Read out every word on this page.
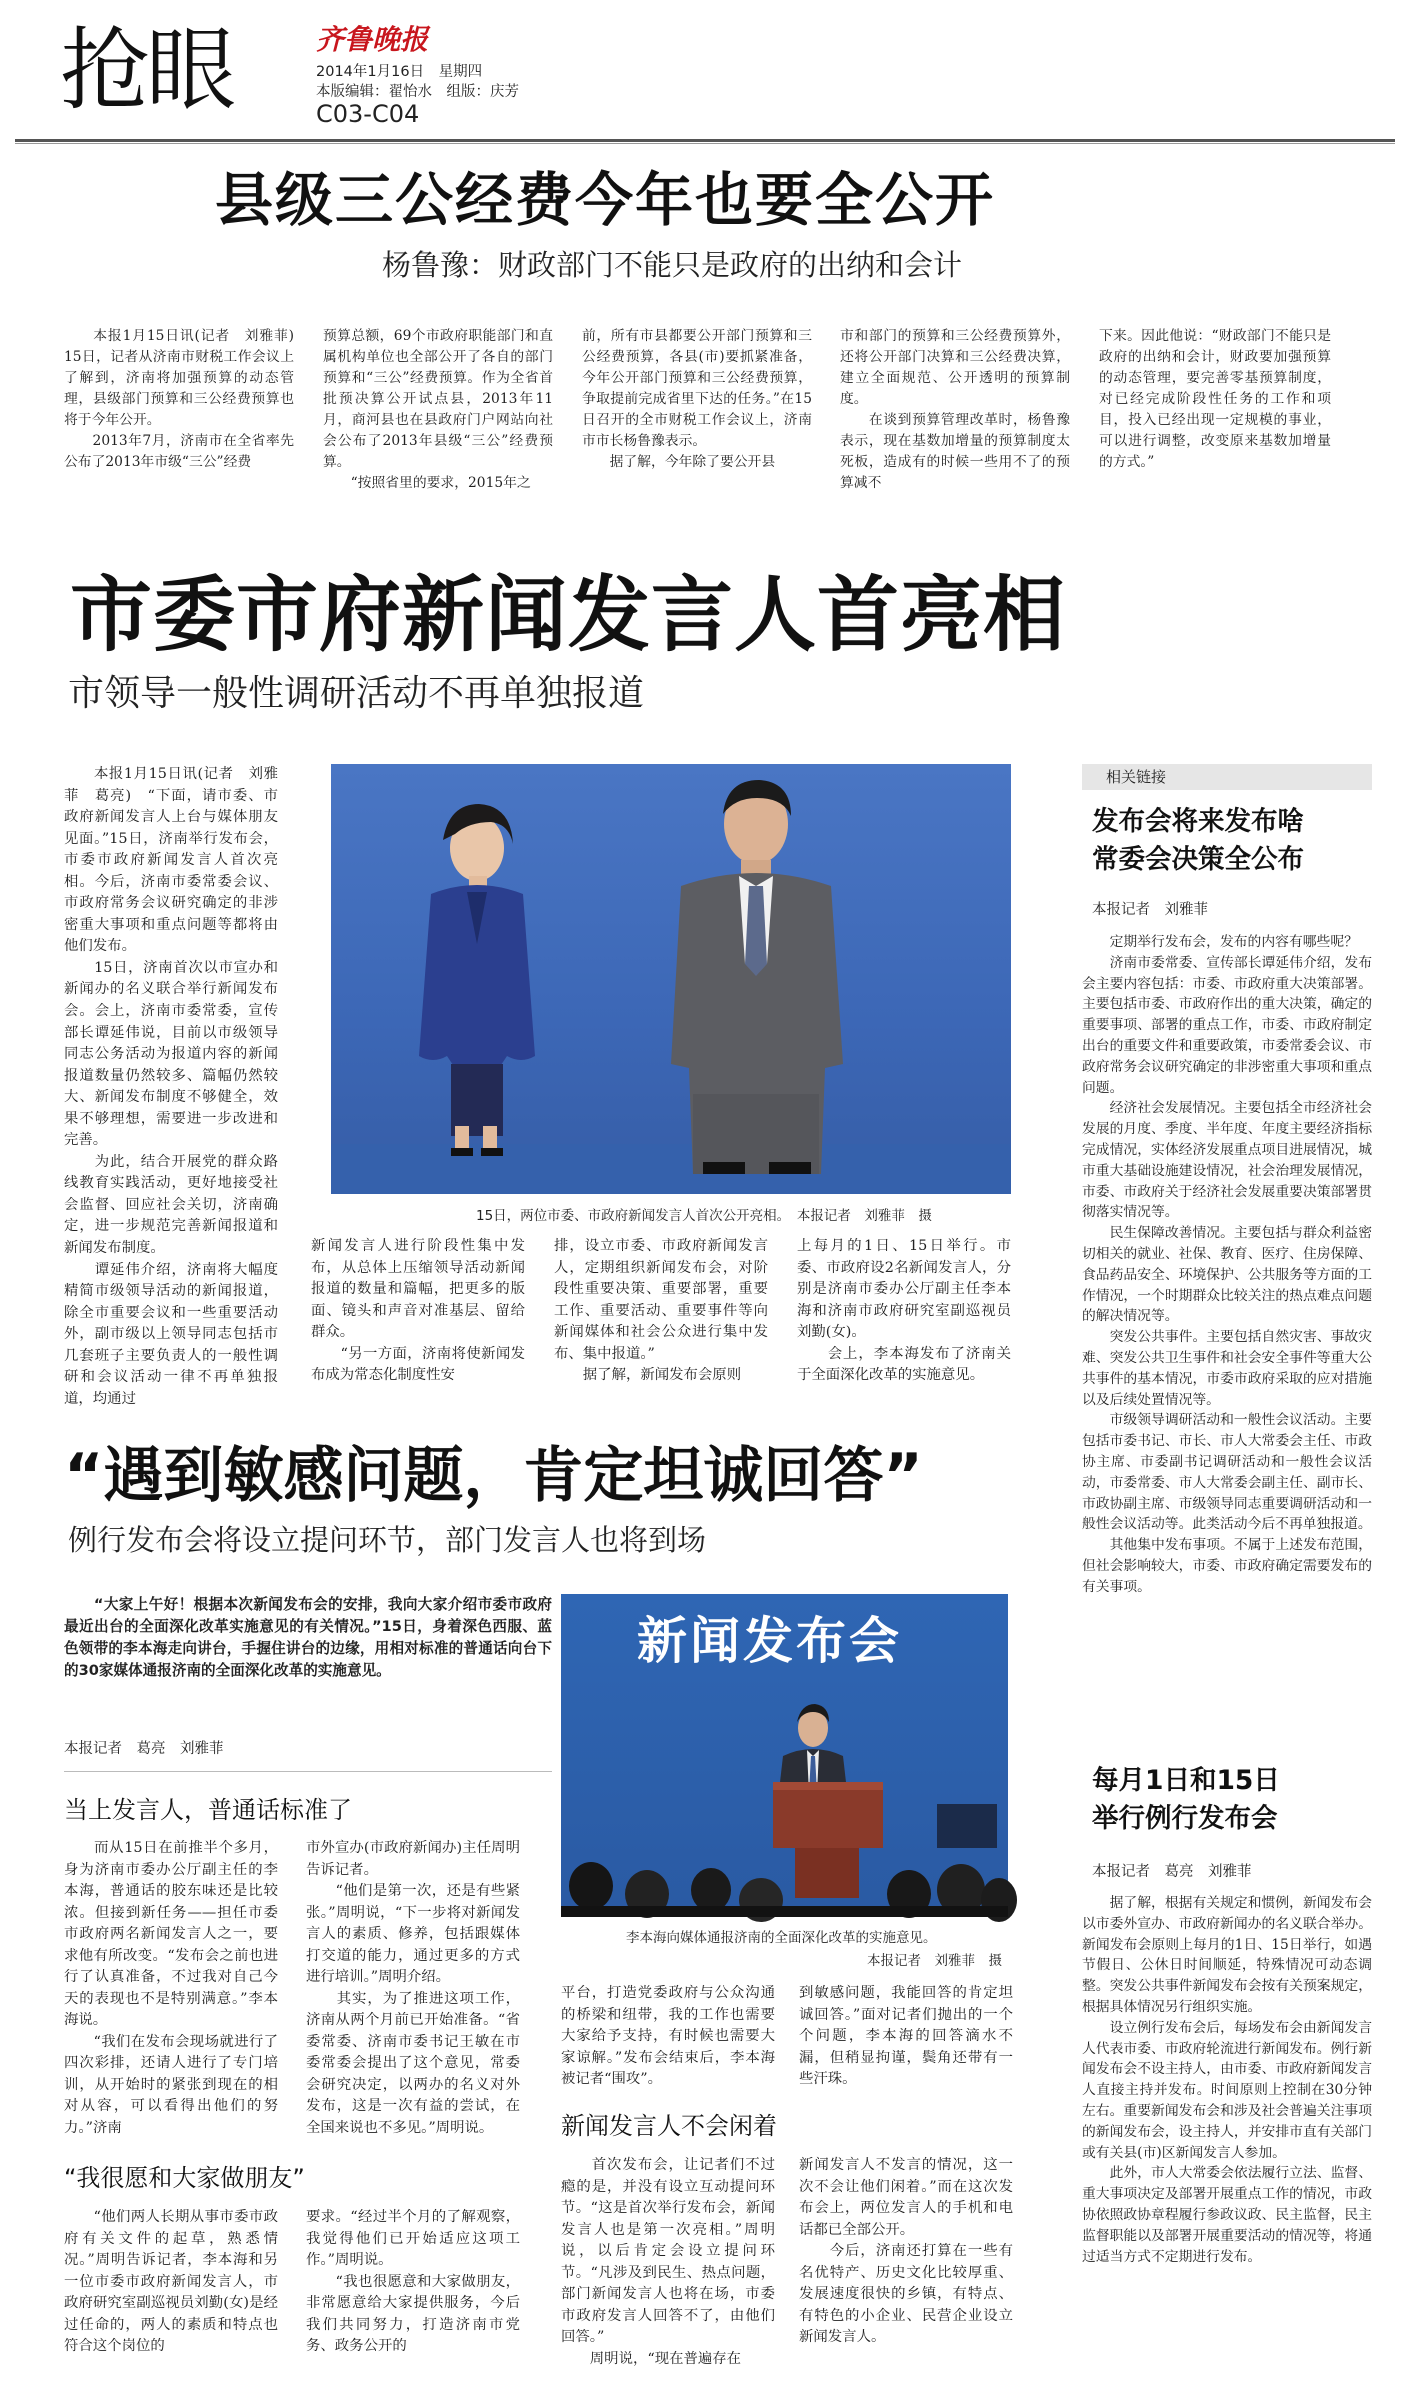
抢眼	齐鲁晚报
2014年1月16日　星期四
本版编辑：翟怡水　组版：庆芳
C03-C04
县级三公经费今年也要全公开
杨鲁豫：财政部门不能只是政府的出纳和会计
　　本报1月15日讯(记者　刘雅菲)　15日，记者从济南市财税工作会议上了解到，济南将加强预算的动态管理，县级部门预算和三公经费预算也将于今年公开。
　　2013年7月，济南市在全省率先公布了2013年市级“三公”经费
预算总额，69个市政府职能部门和直属机构单位也全部公开了各自的部门预算和“三公”经费预算。作为全省首批预决算公开试点县，2013年11月，商河县也在县政府门户网站向社会公布了2013年县级“三公”经费预算。
　　“按照省里的要求，2015年之
前，所有市县都要公开部门预算和三公经费预算，各县(市)要抓紧准备，今年公开部门预算和三公经费预算，争取提前完成省里下达的任务。”在15日召开的全市财税工作会议上，济南市市长杨鲁豫表示。
　　据了解，今年除了要公开县
市和部门的预算和三公经费预算外，还将公开部门决算和三公经费决算，建立全面规范、公开透明的预算制度。
　　在谈到预算管理改革时，杨鲁豫表示，现在基数加增量的预算制度太死板，造成有的时候一些用不了的预算减不
下来。因此他说：“财政部门不能只是政府的出纳和会计，财政要加强预算的动态管理，要完善零基预算制度，对已经完成阶段性任务的工作和项目，投入已经出现一定规模的事业，可以进行调整，改变原来基数加增量的方式。”
市委市府新闻发言人首亮相
市领导一般性调研活动不再单独报道
　　本报1月15日讯(记者　刘雅菲　葛亮)　“下面，请市委、市政府新闻发言人上台与媒体朋友见面。”15日，济南举行发布会，市委市政府新闻发言人首次亮相。今后，济南市委常委会议、市政府常务会议研究确定的非涉密重大事项和重点问题等都将由他们发布。
　　15日，济南首次以市宣办和新闻办的名义联合举行新闻发布会。会上，济南市委常委，宣传部长谭延伟说，目前以市级领导同志公务活动为报道内容的新闻报道数量仍然较多、篇幅仍然较大、新闻发布制度不够健全，效果不够理想，需要进一步改进和完善。
　　为此，结合开展党的群众路线教育实践活动，更好地接受社会监督、回应社会关切，济南确定，进一步规范完善新闻报道和新闻发布制度。
　　谭延伟介绍，济南将大幅度精简市级领导活动的新闻报道，除全市重要会议和一些重要活动外，副市级以上领导同志包括市几套班子主要负责人的一般性调研和会议活动一律不再单独报道，均通过
15日，两位市委、市政府新闻发言人首次公开亮相。　本报记者　刘雅菲　摄
新闻发言人进行阶段性集中发布，从总体上压缩领导活动新闻报道的数量和篇幅，把更多的版面、镜头和声音对准基层、留给群众。
　　“另一方面，济南将使新闻发布成为常态化制度性安
排，设立市委、市政府新闻发言人，定期组织新闻发布会，对阶段性重要决策、重要部署，重要工作、重要活动、重要事件等向新闻媒体和社会公众进行集中发布、集中报道。”
　　据了解，新闻发布会原则
上每月的1日、15日举行。市委、市政府设2名新闻发言人，分别是济南市委办公厅副主任李本海和济南市政府研究室副巡视员刘勤(女)。
　　会上，李本海发布了济南关于全面深化改革的实施意见。
相关链接
发布会将来发布啥
常委会决策全公布
本报记者　刘雅菲
　　定期举行发布会，发布的内容有哪些呢？
　　济南市委常委、宣传部长谭延伟介绍，发布会主要内容包括：市委、市政府重大决策部署。主要包括市委、市政府作出的重大决策，确定的重要事项、部署的重点工作，市委、市政府制定出台的重要文件和重要政策，市委常委会议、市政府常务会议研究确定的非涉密重大事项和重点问题。
　　经济社会发展情况。主要包括全市经济社会发展的月度、季度、半年度、年度主要经济指标完成情况，实体经济发展重点项目进展情况，城市重大基础设施建设情况，社会治理发展情况，市委、市政府关于经济社会发展重要决策部署贯彻落实情况等。
　　民生保障改善情况。主要包括与群众利益密切相关的就业、社保、教育、医疗、住房保障、食品药品安全、环境保护、公共服务等方面的工作情况，一个时期群众比较关注的热点难点问题的解决情况等。
　　突发公共事件。主要包括自然灾害、事故灾难、突发公共卫生事件和社会安全事件等重大公共事件的基本情况，市委市政府采取的应对措施以及后续处置情况等。
　　市级领导调研活动和一般性会议活动。主要包括市委书记、市长、市人大常委会主任、市政协主席、市委副书记调研活动和一般性会议活动，市委常委、市人大常委会副主任、副市长、市政协副主席、市级领导同志重要调研活动和一般性会议活动等。此类活动今后不再单独报道。
　　其他集中发布事项。不属于上述发布范围，但社会影响较大，市委、市政府确定需要发布的有关事项。
每月1日和15日
举行例行发布会
本报记者　葛亮　刘雅菲
　　据了解，根据有关规定和惯例，新闻发布会以市委外宣办、市政府新闻办的名义联合举办。新闻发布会原则上每月的1日、15日举行，如遇节假日、公休日时间顺延，特殊情况可动态调整。突发公共事件新闻发布会按有关预案规定，根据具体情况另行组织实施。
　　设立例行发布会后，每场发布会由新闻发言人代表市委、市政府轮流进行新闻发布。例行新闻发布会不设主持人，由市委、市政府新闻发言人直接主持并发布。时间原则上控制在30分钟左右。重要新闻发布会和涉及社会普遍关注事项的新闻发布会，设主持人，并安排市直有关部门或有关县(市)区新闻发言人参加。
　　此外，市人大常委会依法履行立法、监督、重大事项决定及部署开展重点工作的情况，市政协依照政协章程履行参政议政、民主监督，民主监督职能以及部署开展重要活动的情况等，将通过适当方式不定期进行发布。
“遇到敏感问题，肯定坦诚回答”
例行发布会将设立提问环节，部门发言人也将到场
　　“大家上午好！根据本次新闻发布会的安排，我向大家介绍市委市政府最近出台的全面深化改革实施意见的有关情况。”15日，身着深色西服、蓝色领带的李本海走向讲台，手握住讲台的边缘，用相对标准的普通话向台下的30家媒体通报济南的全面深化改革的实施意见。
本报记者　葛亮　刘雅菲
当上发言人，普通话标准了
　　而从15日在前推半个多月，身为济南市委办公厅副主任的李本海，普通话的胶东味还是比较浓。但接到新任务——担任市委市政府两名新闻发言人之一，要求他有所改变。“发布会之前也进行了认真准备，不过我对自己今天的表现也不是特别满意。”李本海说。
　　“我们在发布会现场就进行了四次彩排，还请人进行了专门培训，从开始时的紧张到现在的相对从容，可以看得出他们的努力。”济南
市外宣办(市政府新闻办)主任周明告诉记者。
　　“他们是第一次，还是有些紧张。”周明说，“下一步将对新闻发言人的素质、修养，包括跟媒体打交道的能力，通过更多的方式进行培训。”周明介绍。
　　其实，为了推进这项工作，济南从两个月前已开始准备。“省委常委、济南市委书记王敏在市委常委会提出了这个意见，常委会研究决定，以两办的名义对外发布，这是一次有益的尝试，在全国来说也不多见。”周明说。
“我很愿和大家做朋友”
　　“他们两人长期从事市委市政府有关文件的起草，熟悉情况。”周明告诉记者，李本海和另一位市委市政府新闻发言人，市政府研究室副巡视员刘勤(女)是经过任命的，两人的素质和特点也符合这个岗位的
要求。“经过半个月的了解观察，我觉得他们已开始适应这项工作。”周明说。
　　“我也很愿意和大家做朋友，非常愿意给大家提供服务，今后我们共同努力，打造济南市党务、政务公开的
新闻发布会
李本海向媒体通报济南的全面深化改革的实施意见。
本报记者　刘雅菲　摄
平台，打造党委政府与公众沟通的桥梁和纽带，我的工作也需要大家给予支持，有时候也需要大家谅解。”发布会结束后，李本海被记者“围攻”。
到敏感问题，我能回答的肯定坦诚回答。”面对记者们抛出的一个个问题，李本海的回答滴水不漏，但稍显拘谨，鬓角还带有一些汗珠。
新闻发言人不会闲着
　　首次发布会，让记者们不过瘾的是，并没有设立互动提问环节。“这是首次举行发布会，新闻发言人也是第一次亮相。”周明说，以后肯定会设立提问环节。“凡涉及到民生、热点问题，部门新闻发言人也将在场，市委市政府发言人回答不了，由他们回答。”
　　周明说，“现在普遍存在
新闻发言人不发言的情况，这一次不会让他们闲着。”而在这次发布会上，两位发言人的手机和电话都已全部公开。
　　今后，济南还打算在一些有名优特产、历史文化比较厚重、发展速度很快的乡镇，有特点、有特色的小企业、民营企业设立新闻发言人。
